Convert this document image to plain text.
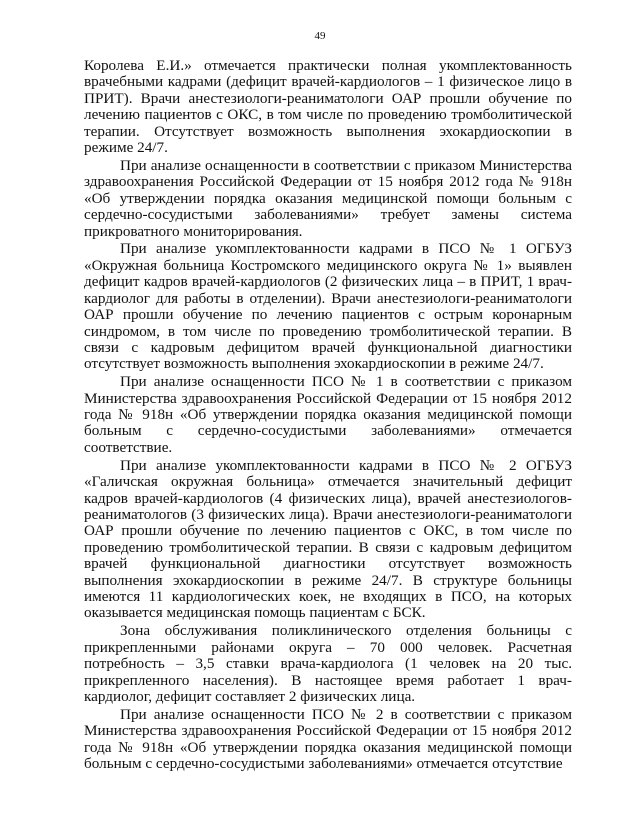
49

Королева Е.И.» отмечается практически полная укомплектованность врачебными кадрами (дефицит врачей-кардиологов – 1 физическое лицо в ПРИТ). Врачи анестезиологи-реаниматологи ОАР прошли обучение по лечению пациентов с ОКС, в том числе по проведению тромболитической терапии. Отсутствует возможность выполнения эхокардиоскопии в режиме 24/7.

При анализе оснащенности в соответствии с приказом Министерства здравоохранения Российской Федерации от 15 ноября 2012 года № 918н «Об утверждении порядка оказания медицинской помощи больным с сердечно-сосудистыми заболеваниями» требует замены система прикроватного мониторирования.

При анализе укомплектованности кадрами в ПСО № 1 ОГБУЗ «Окружная больница Костромского медицинского округа № 1» выявлен дефицит кадров врачей-кардиологов (2 физических лица – в ПРИТ, 1 врач-кардиолог для работы в отделении). Врачи анестезиологи-реаниматологи ОАР прошли обучение по лечению пациентов с острым коронарным синдромом, в том числе по проведению тромболитической терапии. В связи с кадровым дефицитом врачей функциональной диагностики отсутствует возможность выполнения эхокардиоскопии в режиме 24/7.

При анализе оснащенности ПСО № 1 в соответствии с приказом Министерства здравоохранения Российской Федерации от 15 ноября 2012 года № 918н «Об утверждении порядка оказания медицинской помощи больным с сердечно-сосудистыми заболеваниями» отмечается соответствие.

При анализе укомплектованности кадрами в ПСО № 2 ОГБУЗ «Галичская окружная больница» отмечается значительный дефицит кадров врачей-кардиологов (4 физических лица), врачей анестезиологов-реаниматологов (3 физических лица). Врачи анестезиологи-реаниматологи ОАР прошли обучение по лечению пациентов с ОКС, в том числе по проведению тромболитической терапии. В связи с кадровым дефицитом врачей функциональной диагностики отсутствует возможность выполнения эхокардиоскопии в режиме 24/7. В структуре больницы имеются 11 кардиологических коек, не входящих в ПСО, на которых оказывается медицинская помощь пациентам с БСК.

Зона обслуживания поликлинического отделения больницы с прикрепленными районами округа – 70 000 человек. Расчетная потребность – 3,5 ставки врача-кардиолога (1 человек на 20 тыс. прикрепленного населения). В настоящее время работает 1 врач-кардиолог, дефицит составляет 2 физических лица.

При анализе оснащенности ПСО № 2 в соответствии с приказом Министерства здравоохранения Российской Федерации от 15 ноября 2012 года № 918н «Об утверждении порядка оказания медицинской помощи больным с сердечно-сосудистыми заболеваниями» отмечается отсутствие
